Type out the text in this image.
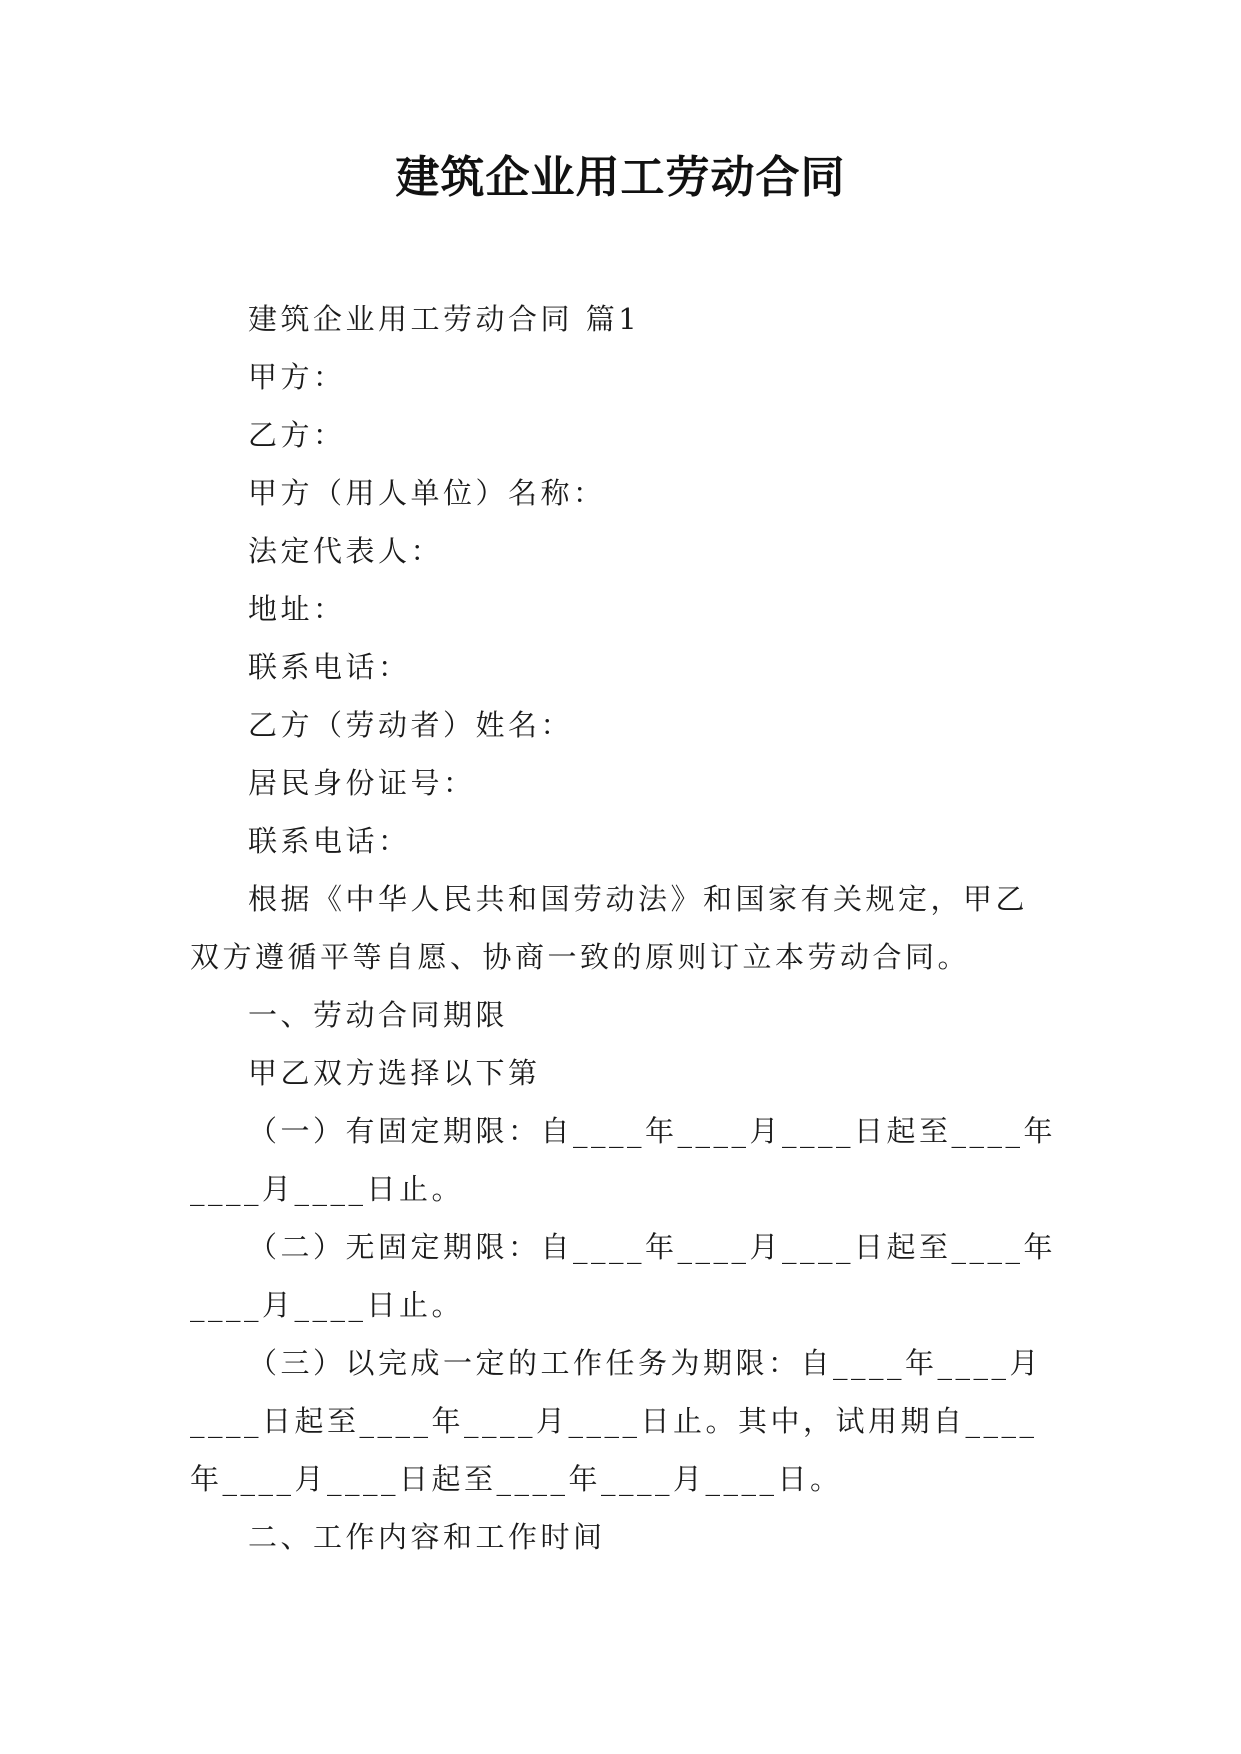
建筑企业用工劳动合同

建筑企业用工劳动合同 篇1

甲方：

乙方：

甲方（用人单位）名称：

法定代表人：

地址：

联系电话：

乙方（劳动者）姓名：

居民身份证号：

联系电话：

根据《中华人民共和国劳动法》和国家有关规定，甲乙双方遵循平等自愿、协商一致的原则订立本劳动合同。

一、劳动合同期限

甲乙双方选择以下第

（一）有固定期限：自____年____月____日起至____年____月____日止。

（二）无固定期限：自____年____月____日起至____年____月____日止。

（三）以完成一定的工作任务为期限：自____年____月____日起至____年____月____日止。其中，试用期自____年____月____日起至____年____月____日。

二、工作内容和工作时间
